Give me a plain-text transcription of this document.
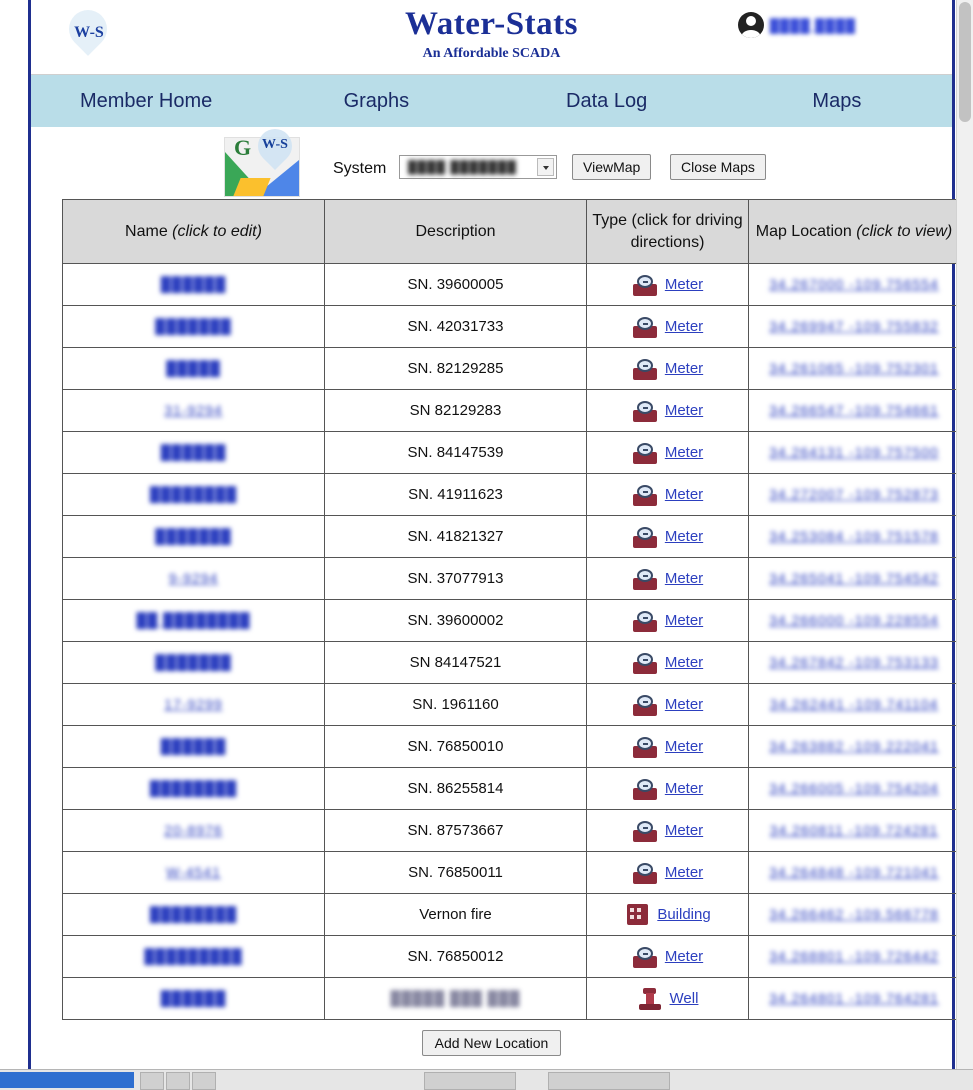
W-S	Water-Stats
An Affordable SCADA
████ ████
Member Home	Graphs	Data Log	Maps
G W-S
System ████ ███████	ViewMap	Close Maps
Name (click to edit)	Description	Type (click for driving directions)	Map Location (click to view)
██████	SN. 39600005	Meter	34.267000 -109.756554
███████	SN. 42031733	Meter	34.269947 -109.755832
█████	SN. 82129285	Meter	34.261065 -109.752301
31-9294	SN 82129283	Meter	34.266547 -109.754661
██████	SN. 84147539	Meter	34.264131 -109.757500
████████	SN. 41911623	Meter	34.272007 -109.752873
███████	SN. 41821327	Meter	34.253084 -109.751578
9-9294	SN. 37077913	Meter	34.265041 -109.754542
██ ████████	SN. 39600002	Meter	34.266000 -109.228554
███████	SN 84147521	Meter	34.267842 -109.753133
17-9299	SN. 1961160	Meter	34.262441 -109.741104
██████	SN. 76850010	Meter	34.263882 -109.222041
████████	SN. 86255814	Meter	34.266005 -109.754204
20-8976	SN. 87573667	Meter	34.260811 -109.724281
W-4541	SN. 76850011	Meter	34.264848 -109.721041
████████	Vernon fire	Building	34.266462 -109.566778
█████████	SN. 76850012	Meter	34.268801 -109.726442
██████	█████ ███ ███	Well	34.264801 -109.764281
Add New Location
